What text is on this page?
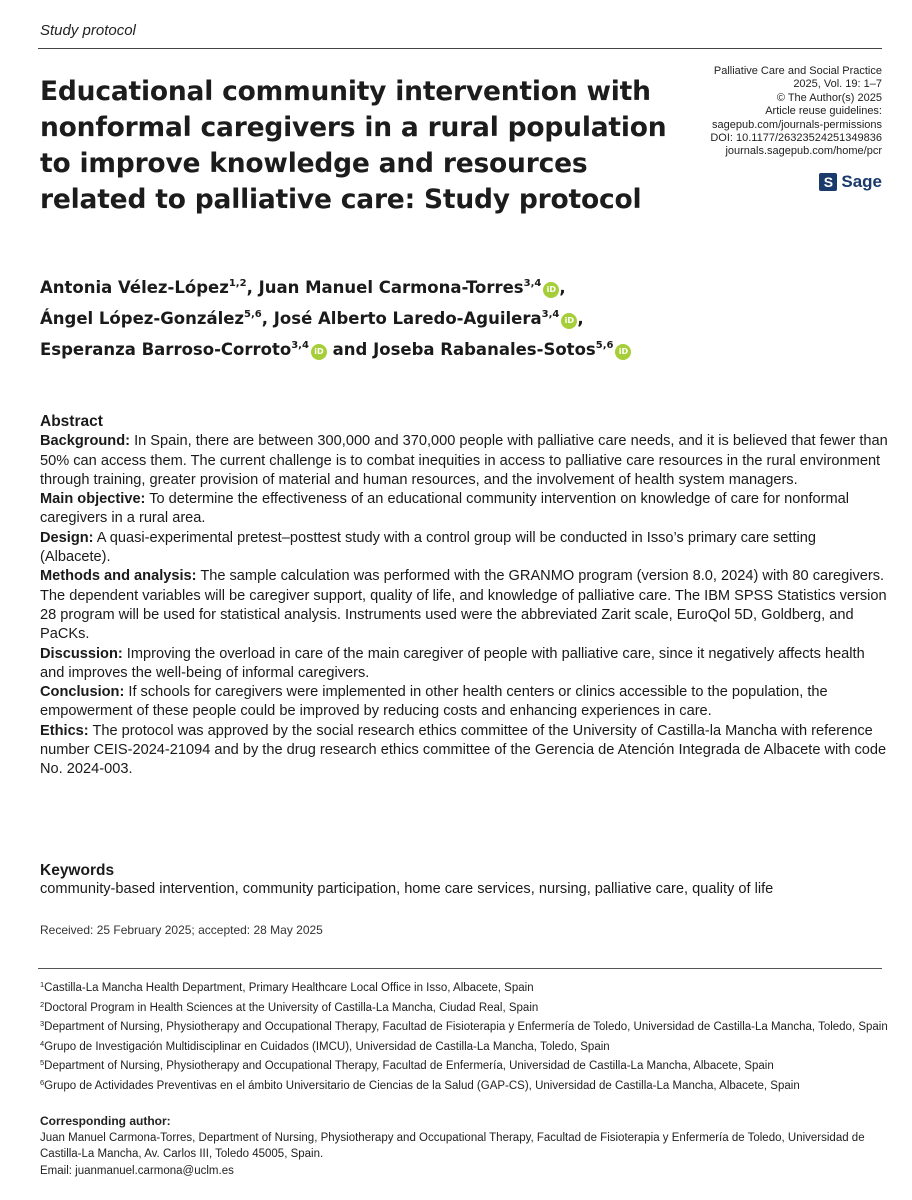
Study protocol
Educational community intervention with nonformal caregivers in a rural population to improve knowledge and resources related to palliative care: Study protocol
Palliative Care and Social Practice
2025, Vol. 19: 1–7
© The Author(s) 2025
Article reuse guidelines:
sagepub.com/journals-permissions
DOI: 10.1177/26323524251349836
journals.sagepub.com/home/pcr
S Sage
Antonia Vélez-López$^{1,2}$, Juan Manuel Carmona-Torres$^{3,4}$iD ,
Ángel López-González$^{5,6}$, José Alberto Laredo-Aguilera$^{3,4}$iD ,
Esperanza Barroso-Corroto$^{3,4}$iD and Joseba Rabanales-Sotos$^{5,6}$iD
Abstract

Background: In Spain, there are between 300,000 and 370,000 people with palliative care needs, and it is believed that fewer than 50% can access them. The current challenge is to combat inequities in access to palliative care resources in the rural environment through training, greater provision of material and human resources, and the involvement of health system managers.

Main objective: To determine the effectiveness of an educational community intervention on knowledge of care for nonformal caregivers in a rural area.

Design: A quasi-experimental pretest–posttest study with a control group will be conducted in Isso’s primary care setting (Albacete).

Methods and analysis: The sample calculation was performed with the GRANMO program (version 8.0, 2024) with 80 caregivers. The dependent variables will be caregiver support, quality of life, and knowledge of palliative care. The IBM SPSS Statistics version 28 program will be used for statistical analysis. Instruments used were the abbreviated Zarit scale, EuroQol 5D, Goldberg, and PaCKs.

Discussion: Improving the overload in care of the main caregiver of people with palliative care, since it negatively affects health and improves the well-being of informal caregivers.

Conclusion: If schools for caregivers were implemented in other health centers or clinics accessible to the population, the empowerment of these people could be improved by reducing costs and enhancing experiences in care.

Ethics: The protocol was approved by the social research ethics committee of the University of Castilla-la Mancha with reference number CEIS-2024-21094 and by the drug research ethics committee of the Gerencia de Atención Integrada de Albacete with code No. 2024-003.

Keywords
community-based intervention, community participation, home care services, nursing, palliative care, quality of life
Received: 25 February 2025; accepted: 28 May 2025

$^1$Castilla-La Mancha Health Department, Primary Healthcare Local Office in Isso, Albacete, Spain

$^2$Doctoral Program in Health Sciences at the University of Castilla-La Mancha, Ciudad Real, Spain

$^3$Department of Nursing, Physiotherapy and Occupational Therapy, Facultad de Fisioterapia y Enfermería de Toledo, Universidad de Castilla-La Mancha, Toledo, Spain

$^4$Grupo de Investigación Multidisciplinar en Cuidados (IMCU), Universidad de Castilla-La Mancha, Toledo, Spain

$^5$Department of Nursing, Physiotherapy and Occupational Therapy, Facultad de Enfermería, Universidad de Castilla-La Mancha, Albacete, Spain

$^6$Grupo de Actividades Preventivas en el ámbito Universitario de Ciencias de la Salud (GAP-CS), Universidad de Castilla-La Mancha, Albacete, Spain

Corresponding author:

Juan Manuel Carmona-Torres, Department of Nursing, Physiotherapy and Occupational Therapy, Facultad de Fisioterapia y Enfermería de Toledo, Universidad de Castilla-La Mancha, Av. Carlos III, Toledo 45005, Spain.

Email: juanmanuel.carmona@uclm.es
